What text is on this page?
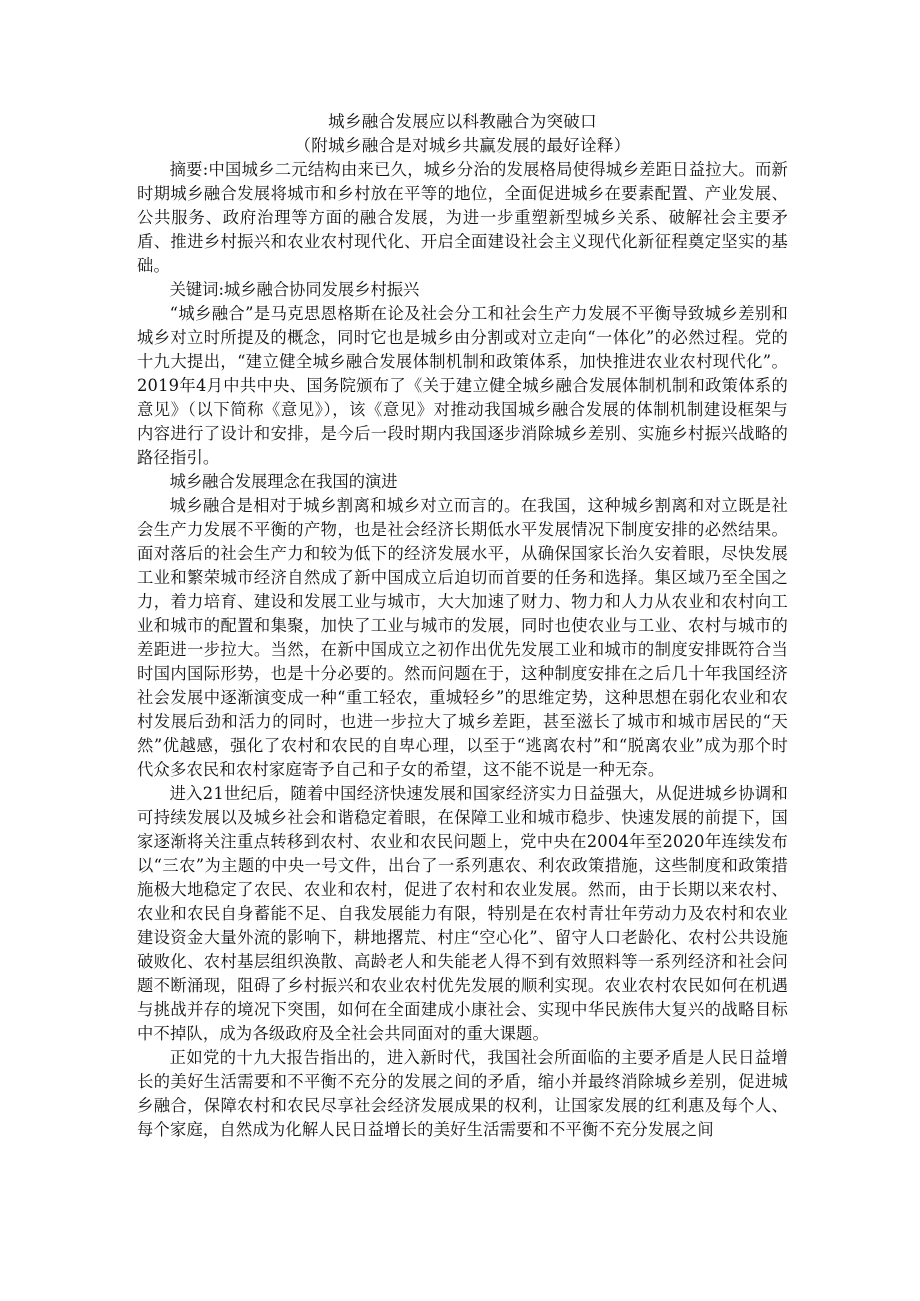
城乡融合发展应以科教融合为突破口
（附城乡融合是对城乡共赢发展的最好诠释）

摘要:中国城乡二元结构由来已久，城乡分治的发展格局使得城乡差距日益拉大。而新时期城乡融合发展将城市和乡村放在平等的地位，全面促进城乡在要素配置、产业发展、公共服务、政府治理等方面的融合发展，为进一步重塑新型城乡关系、破解社会主要矛盾、推进乡村振兴和农业农村现代化、开启全面建设社会主义现代化新征程奠定坚实的基础。

关键词:城乡融合协同发展乡村振兴

“城乡融合”是马克思恩格斯在论及社会分工和社会生产力发展不平衡导致城乡差别和城乡对立时所提及的概念，同时它也是城乡由分割或对立走向“一体化”的必然过程。党的十九大提出，“建立健全城乡融合发展体制机制和政策体系，加快推进农业农村现代化”。2019年4月中共中央、国务院颁布了《关于建立健全城乡融合发展体制机制和政策体系的意见》（以下简称《意见》），该《意见》对推动我国城乡融合发展的体制机制建设框架与内容进行了设计和安排，是今后一段时期内我国逐步消除城乡差别、实施乡村振兴战略的路径指引。

城乡融合发展理念在我国的演进

城乡融合是相对于城乡割离和城乡对立而言的。在我国，这种城乡割离和对立既是社会生产力发展不平衡的产物，也是社会经济长期低水平发展情况下制度安排的必然结果。面对落后的社会生产力和较为低下的经济发展水平，从确保国家长治久安着眼，尽快发展工业和繁荣城市经济自然成了新中国成立后迫切而首要的任务和选择。集区域乃至全国之力，着力培育、建设和发展工业与城市，大大加速了财力、物力和人力从农业和农村向工业和城市的配置和集聚，加快了工业与城市的发展，同时也使农业与工业、农村与城市的差距进一步拉大。当然，在新中国成立之初作出优先发展工业和城市的制度安排既符合当时国内国际形势，也是十分必要的。然而问题在于，这种制度安排在之后几十年我国经济社会发展中逐渐演变成一种“重工轻农，重城轻乡”的思维定势，这种思想在弱化农业和农村发展后劲和活力的同时，也进一步拉大了城乡差距，甚至滋长了城市和城市居民的“天然”优越感，强化了农村和农民的自卑心理，以至于“逃离农村”和“脱离农业”成为那个时代众多农民和农村家庭寄予自己和子女的希望，这不能不说是一种无奈。

进入21世纪后，随着中国经济快速发展和国家经济实力日益强大，从促进城乡协调和可持续发展以及城乡社会和谐稳定着眼，在保障工业和城市稳步、快速发展的前提下，国家逐渐将关注重点转移到农村、农业和农民问题上，党中央在2004年至2020年连续发布以“三农”为主题的中央一号文件，出台了一系列惠农、利农政策措施，这些制度和政策措施极大地稳定了农民、农业和农村，促进了农村和农业发展。然而，由于长期以来农村、农业和农民自身蓄能不足、自我发展能力有限，特别是在农村青壮年劳动力及农村和农业建设资金大量外流的影响下，耕地撂荒、村庄“空心化”、留守人口老龄化、农村公共设施破败化、农村基层组织涣散、高龄老人和失能老人得不到有效照料等一系列经济和社会问题不断涌现，阻碍了乡村振兴和农业农村优先发展的顺利实现。农业农村农民如何在机遇与挑战并存的境况下突围，如何在全面建成小康社会、实现中华民族伟大复兴的战略目标中不掉队，成为各级政府及全社会共同面对的重大课题。

正如党的十九大报告指出的，进入新时代，我国社会所面临的主要矛盾是人民日益增长的美好生活需要和不平衡不充分的发展之间的矛盾，缩小并最终消除城乡差别，促进城乡融合，保障农村和农民尽享社会经济发展成果的权利，让国家发展的红利惠及每个人、每个家庭，自然成为化解人民日益增长的美好生活需要和不平衡不充分发展之间
